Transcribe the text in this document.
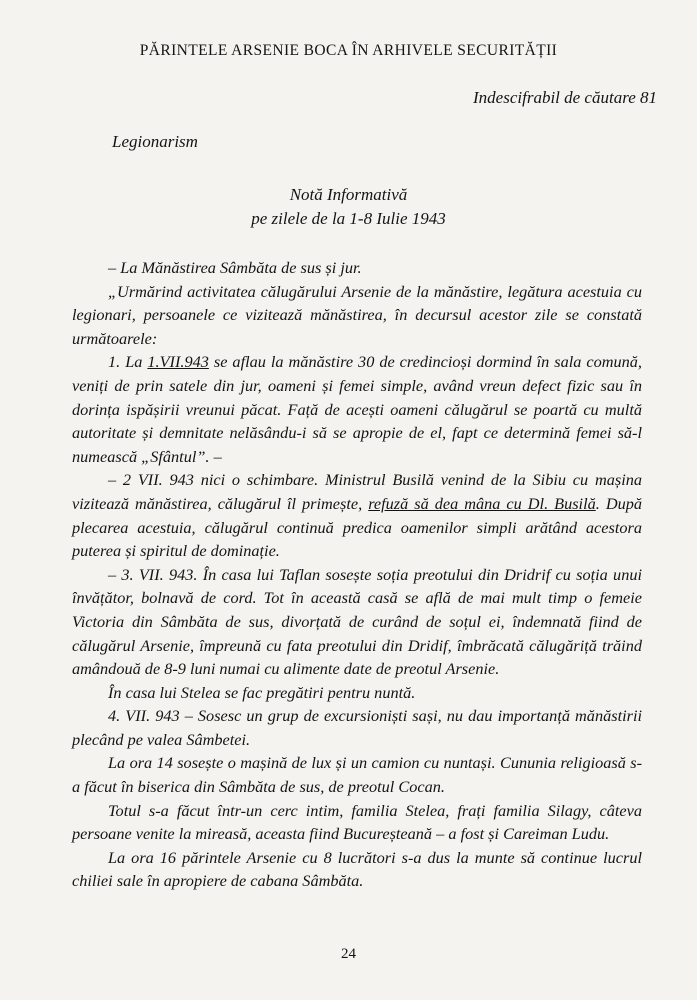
PĂRINTELE ARSENIE BOCA ÎN ARHIVELE SECURITĂȚII
Indescifrabil de căutare 81
Legionarism
Notă Informativă
pe zilele de la 1-8 Iulie 1943

– La Mănăstirea Sâmbăta de sus și jur.

„Urmărind activitatea călugărului Arsenie de la mănăstire, legătura acestuia cu legionari, persoanele ce vizitează mănăstirea, în decursul acestor zile se constată următoarele:

1. La 1.VII.943 se aflau la mănăstire 30 de credincioși dormind în sala comună, veniți de prin satele din jur, oameni și femei simple, având vreun defect fizic sau în dorința ispășirii vreunui păcat. Față de acești oameni călugărul se poartă cu multă autoritate și demnitate nelăsându-i să se apropie de el, fapt ce determină femei să-l numească „Sfântul”. –

– 2 VII. 943 nici o schimbare. Ministrul Busilă venind de la Sibiu cu mașina vizitează mănăstirea, călugărul îl primește, refuză să dea mâna cu Dl. Busilă. După plecarea acestuia, călugărul continuă predica oamenilor simpli arătând acestora puterea și spiritul de dominație.

– 3. VII. 943. În casa lui Taflan sosește soția preotului din Dridrif cu soția unui învățător, bolnavă de cord. Tot în această casă se află de mai mult timp o femeie Victoria din Sâmbăta de sus, divorțată de curând de soțul ei, îndemnată fiind de călugărul Arsenie, împreună cu fata preotului din Dridif, îmbrăcată călugăriță trăind amândouă de 8-9 luni numai cu alimente date de preotul Arsenie.

În casa lui Stelea se fac pregătiri pentru nuntă.

4. VII. 943 – Sosesc un grup de excursioniști sași, nu dau importanță mănăstirii plecând pe valea Sâmbetei.

La ora 14 sosește o mașină de lux și un camion cu nuntași. Cununia religioasă s-a făcut în biserica din Sâmbăta de sus, de preotul Cocan.

Totul s-a făcut într-un cerc intim, familia Stelea, frați familia Silagy, câteva persoane venite la mireasă, aceasta fiind Bucureșteană – a fost și Careiman Ludu.

La ora 16 părintele Arsenie cu 8 lucrători s-a dus la munte să continue lucrul chiliei sale în apropiere de cabana Sâmbăta.

24
